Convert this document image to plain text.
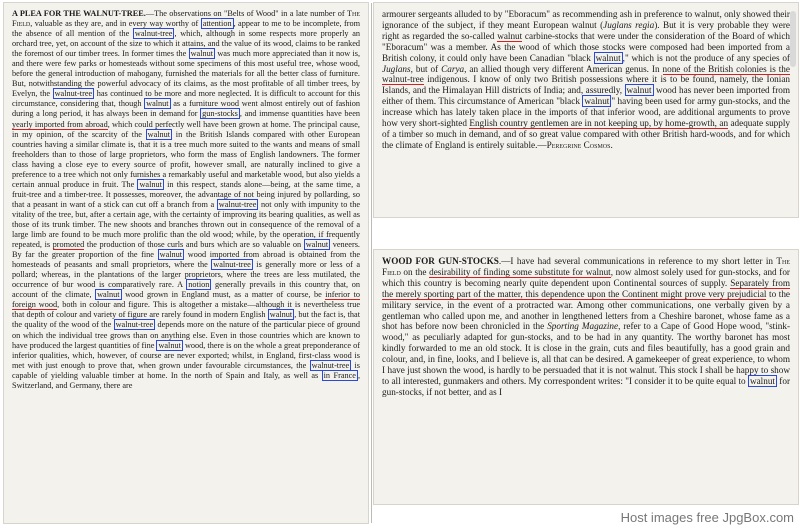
A PLEA FOR THE WALNUT-TREE.—The observations on "Belts of Wood" in a late number of The Field, valuable as they are, and in every way worthy of attention , appear to me to be incomplete, from the absence of all mention of the walnut-tree , which, although in some respects more properly an orchard tree, yet, on account of the size to which it attains, and the value of its wood, claims to be ranked the foremost of our timber trees. In former times the walnut was much more appreciated than it now is, and there were few parks or homesteads without some specimens of this most useful tree, whose wood, before the general introduction of mahogany, furnished the materials for all the better class of furniture. But, notwithstanding the powerful advocacy of its claims, as the most profitable of all timber trees, by Evelyn, the walnut-tree has continued to be more and more neglected. It is difficult to account for this circumstance, considering that, though walnut as a furniture wood went almost entirely out of fashion during a long period, it has always been in demand for gun-stocks , and immense quantities have been yearly imported from abroad, which could perfectly well have been grown at home. The principal cause, in my opinion, of the scarcity of the walnut in the British Islands compared with other European countries having a similar climate is, that it is a tree much more suited to the wants and means of small freeholders than to those of large proprietors, who form the mass of English landowners. The former class having a close eye to every source of profit, however small, are naturally inclined to give a preference to a tree which not only furnishes a remarkably useful and marketable wood, but also yields a certain annual produce in fruit. The walnut in this respect, stands alone—being, at the same time, a fruit-tree and a timber-tree. It possesses, moreover, the advantage of not being injured by pollarding, so that a peasant in want of a stick can cut off a branch from a walnut-tree not only with impunity to the vitality of the tree, but, after a certain age, with the certainty of improving its bearing qualities, as well as those of its trunk timber. The new shoots and branches thrown out in consequence of the removal of a large limb are found to be much more prolific than the old wood; while, by the operation, if frequently repeated, is promoted the production of those curls and burs which are so valuable on walnut veneers. By far the greater proportion of the fine walnut wood imported from abroad is obtained from the homesteads of peasants and small proprietors, where the walnut-tree is generally more or less of a pollard; whereas, in the plantations of the larger proprietors, where the trees are less mutilated, the occurrence of bur wood is comparatively rare. A notion generally prevails in this country that, on account of the climate, walnut wood grown in England must, as a matter of course, be inferior to foreign wood, both in colour and figure. This is altogether a mistake—although it is nevertheless true that depth of colour and variety of figure are rarely found in modern English walnut , but the fact is, that the quality of the wood of the walnut-tree depends more on the nature of the particular piece of ground on which the individual tree grows than on anything else. Even in those countries which are known to have produced the largest quantities of fine walnut wood, there is on the whole a great preponderance of inferior qualities, which, however, of course are never exported; whilst, in England, first-class wood is met with just enough to prove that, when grown under favourable circumstances, the walnut-tree is capable of yielding valuable timber at home. In the north of Spain and Italy, as well as in France , Switzerland, and Germany, there are
armourer sergeants alluded to by "Eboracum" as recommending ash in preference to walnut, only showed their ignorance of the subject, if they meant European walnut (Juglans regia). But it is very probable they were right as regarded the so-called walnut carbine-stocks that were under the consideration of the Board of which "Eboracum" was a member. As the wood of which those stocks were composed had been imported from a British colony, it could only have been Canadian "black walnut ," which is not the produce of any species of Juglans, but of Carya, an allied though very different American genus. In none of the British colonies is the walnut-tree indigenous. I know of only two British possessions where it is to be found, namely, the Ionian Islands, and the Himalayan Hill districts of India; and, assuredly, walnut wood has never been imported from either of them. This circumstance of American "black walnut " having been used for army gun-stocks, and the increase which has lately taken place in the imports of that inferior wood, are additional arguments to prove how very short-sighted English country gentlemen are in not keeping up, by home-growth, an adequate supply of a timber so much in demand, and of so great value compared with other British hard-woods, and for which the climate of England is entirely suitable.—Peregrine Cosmos.
WOOD FOR GUN-STOCKS.—I have had several communications in reference to my short letter in The Field on the desirability of finding some substitute for walnut, now almost solely used for gun-stocks, and for which this country is becoming nearly quite dependent upon Continental sources of supply. Separately from the merely sporting part of the matter, this dependence upon the Continent might prove very prejudicial to the military service, in the event of a protracted war. Among other communications, one verbally given by a gentleman who called upon me, and another in lengthened letters from a Cheshire baronet, whose fame as a shot has before now been chronicled in the Sporting Magazine, refer to a Cape of Good Hope wood, "stink-wood," as peculiarly adapted for gun-stocks, and to be had in any quantity. The worthy baronet has most kindly forwarded to me an old stock. It is close in the grain, cuts and files beautifully, has a good grain and colour, and, in fine, looks, and I believe is, all that can be desired. A gamekeeper of great experience, to whom I have just shown the wood, is hardly to be persuaded that it is not walnut. This stock I shall be happy to show to all interested, gunmakers and others. My correspondent writes: "I consider it to be quite equal to walnut for gun-stocks, if not better, and as I
Host images free JpgBox.com
